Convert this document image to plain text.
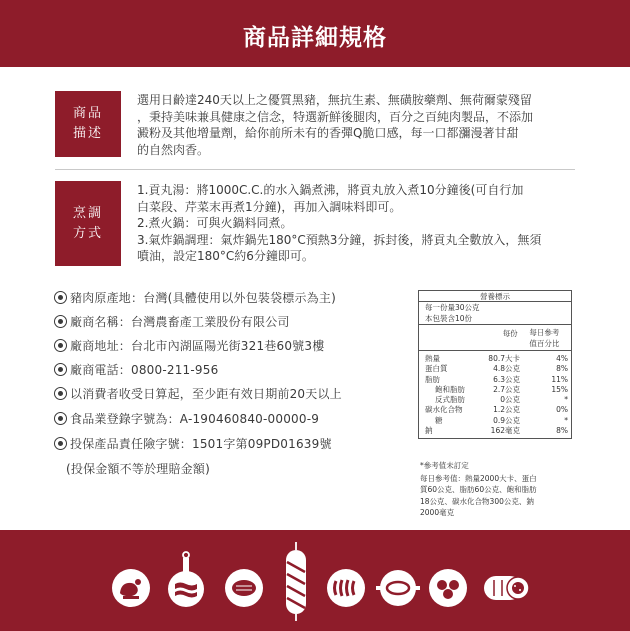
商品詳細規格
商品
描述
選用日齡達240天以上之優質黑豬，無抗生素、無磺胺藥劑、無荷爾蒙殘留
，秉持美味兼具健康之信念，特選新鮮後腿肉，百分之百純肉製品，不添加
澱粉及其他增量劑，給你前所未有的香彈Q脆口感，每一口都瀰漫著甘甜
的自然肉香。
烹調
方式
1.貢丸湯：將1000C.C.的水入鍋煮沸，將貢丸放入煮10分鐘後(可自行加
白菜段、芹菜末再煮1分鐘)，再加入調味料即可。
2.煮火鍋：可與火鍋料同煮。
3.氣炸鍋調理：氣炸鍋先180°C預熱3分鐘，拆封後，將貢丸全數放入，無須
噴油，設定180°C約6分鐘即可。
豬肉原產地：台灣(具體使用以外包裝袋標示為主)
廠商名稱：台灣農畜產工業股份有限公司
廠商地址：台北市內湖區陽光街321巷60號3樓
廠商電話：0800-211-956
以消費者收受日算起，至少距有效日期前20天以上
食品業登錄字號為：A-190460840-00000-9
投保產品責任險字號：1501字第09PD01639號
(投保金額不等於理賠金額)
營養標示
每一份量30公克
本包裝含10份
每份	每日參考
值百分比
熱量	80.7大卡	4%
蛋白質	4.8公克	8%
脂肪	6.3公克	11%
飽和脂肪	2.7公克	15%
反式脂肪	0公克	*
碳水化合物	1.2公克	0%
糖	0.9公克	*
鈉	162毫克	8%
*參考值未訂定
每日參考值：熱量2000大卡、蛋白
質60公克、脂肪60公克、飽和脂肪
18公克、碳水化合物300公克、鈉
2000毫克
